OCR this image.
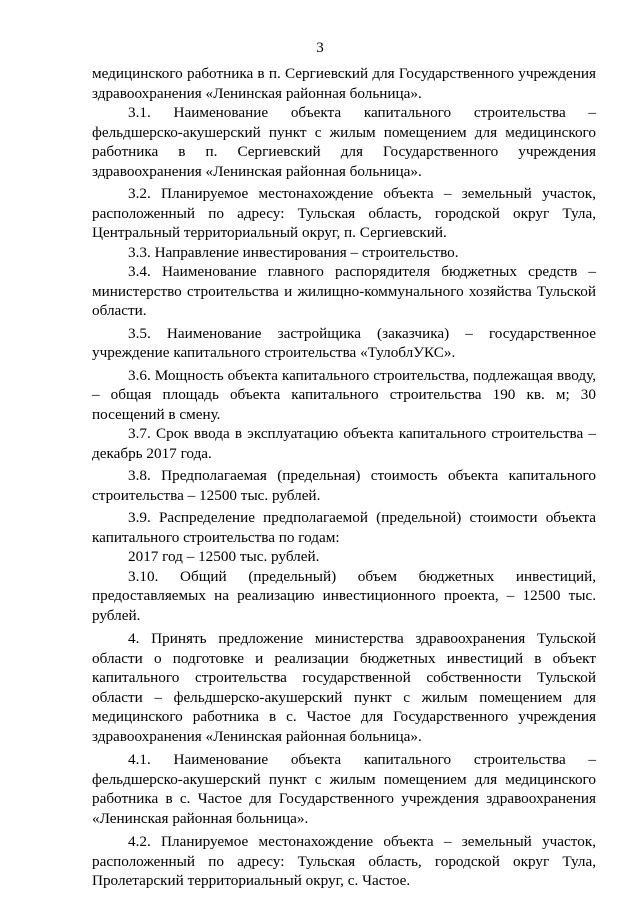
3

медицинского работника в п. Сергиевский для Государственного учреждения здравоохранения «Ленинская районная больница».

3.1. Наименование объекта капитального строительства – фельдшерско-акушерский пункт с жилым помещением для медицинского работника в п. Сергиевский для Государственного учреждения здравоохранения «Ленинская районная больница».

3.2. Планируемое местонахождение объекта – земельный участок, расположенный по адресу: Тульская область, городской округ Тула, Центральный территориальный округ, п. Сергиевский.

3.3. Направление инвестирования – строительство.

3.4. Наименование главного распорядителя бюджетных средств – министерство строительства и жилищно-коммунального хозяйства Тульской области.

3.5. Наименование застройщика (заказчика) – государственное учреждение капитального строительства «ТулоблУКС».

3.6. Мощность объекта капитального строительства, подлежащая вводу, – общая площадь объекта капитального строительства 190 кв. м; 30 посещений в смену.

3.7. Срок ввода в эксплуатацию объекта капитального строительства – декабрь 2017 года.

3.8. Предполагаемая (предельная) стоимость объекта капитального строительства – 12500 тыс. рублей.

3.9. Распределение предполагаемой (предельной) стоимости объекта капитального строительства по годам:

2017 год – 12500 тыс. рублей.

3.10. Общий (предельный) объем бюджетных инвестиций, предоставляемых на реализацию инвестиционного проекта, – 12500 тыс. рублей.

4. Принять предложение министерства здравоохранения Тульской области о подготовке и реализации бюджетных инвестиций в объект капитального строительства государственной собственности Тульской области – фельдшерско-акушерский пункт с жилым помещением для медицинского работника в с. Частое для Государственного учреждения здравоохранения «Ленинская районная больница».

4.1. Наименование объекта капитального строительства – фельдшерско-акушерский пункт с жилым помещением для медицинского работника в с. Частое для Государственного учреждения здравоохранения «Ленинская районная больница».

4.2. Планируемое местонахождение объекта – земельный участок, расположенный по адресу: Тульская область, городской округ Тула, Пролетарский территориальный округ, с. Частое.
